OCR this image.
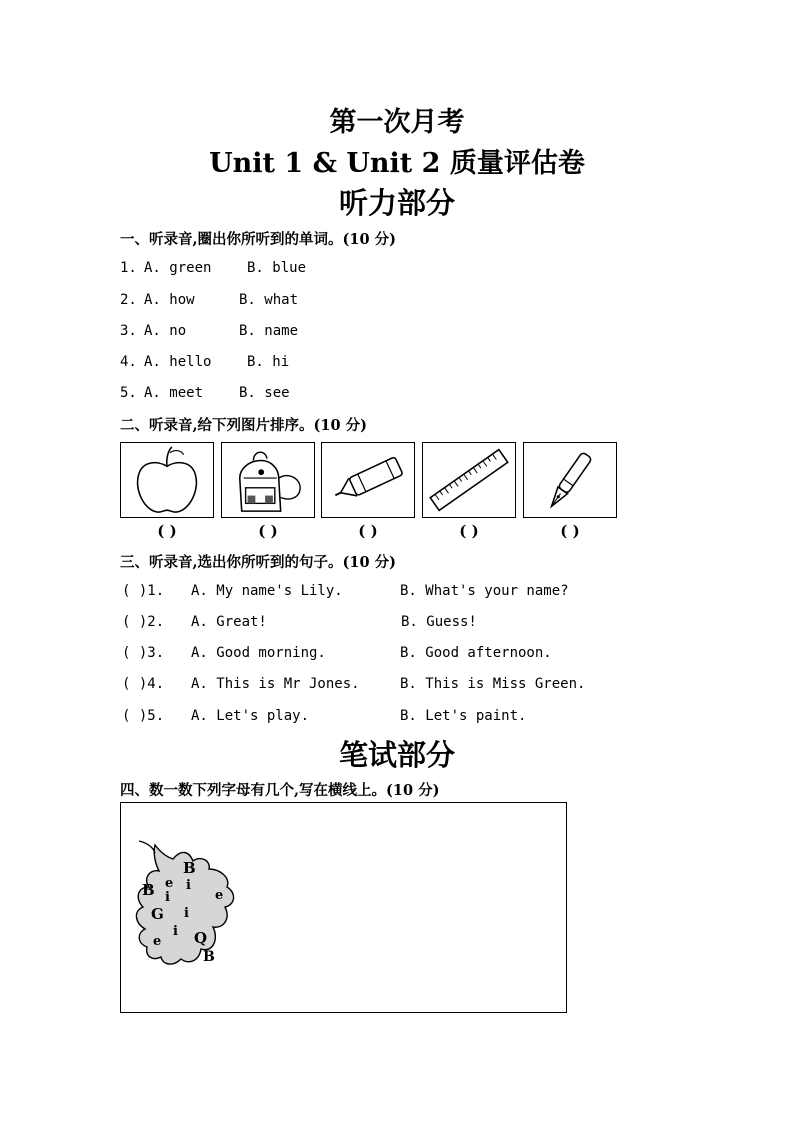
第一次月考
Unit 1 & Unit 2 质量评估卷
听力部分
一、听录音,圈出你所听到的单词。(10 分)
1. A. green	B. blue
2. A. how	B. what
3. A. no	B. name
4. A. hello	B. hi
5. A. meet	B. see
二、听录音,给下列图片排序。(10 分)
( )	( )	( )	( )	( )
三、听录音,选出你所听到的句子。(10 分)
( )1. A. My name's Lily.	B. What's your name?
( )2. A. Great!	B. Guess!
( )3. A. Good morning.	B. Good afternoon.
( )4. A. This is Mr Jones.	B. This is Miss Green.
( )5. A. Let's play.	B. Let's paint.
笔试部分
四、数一数下列字母有几个,写在横线上。(10 分)
B e
B
i
i
e
G i
i
e Q
B
